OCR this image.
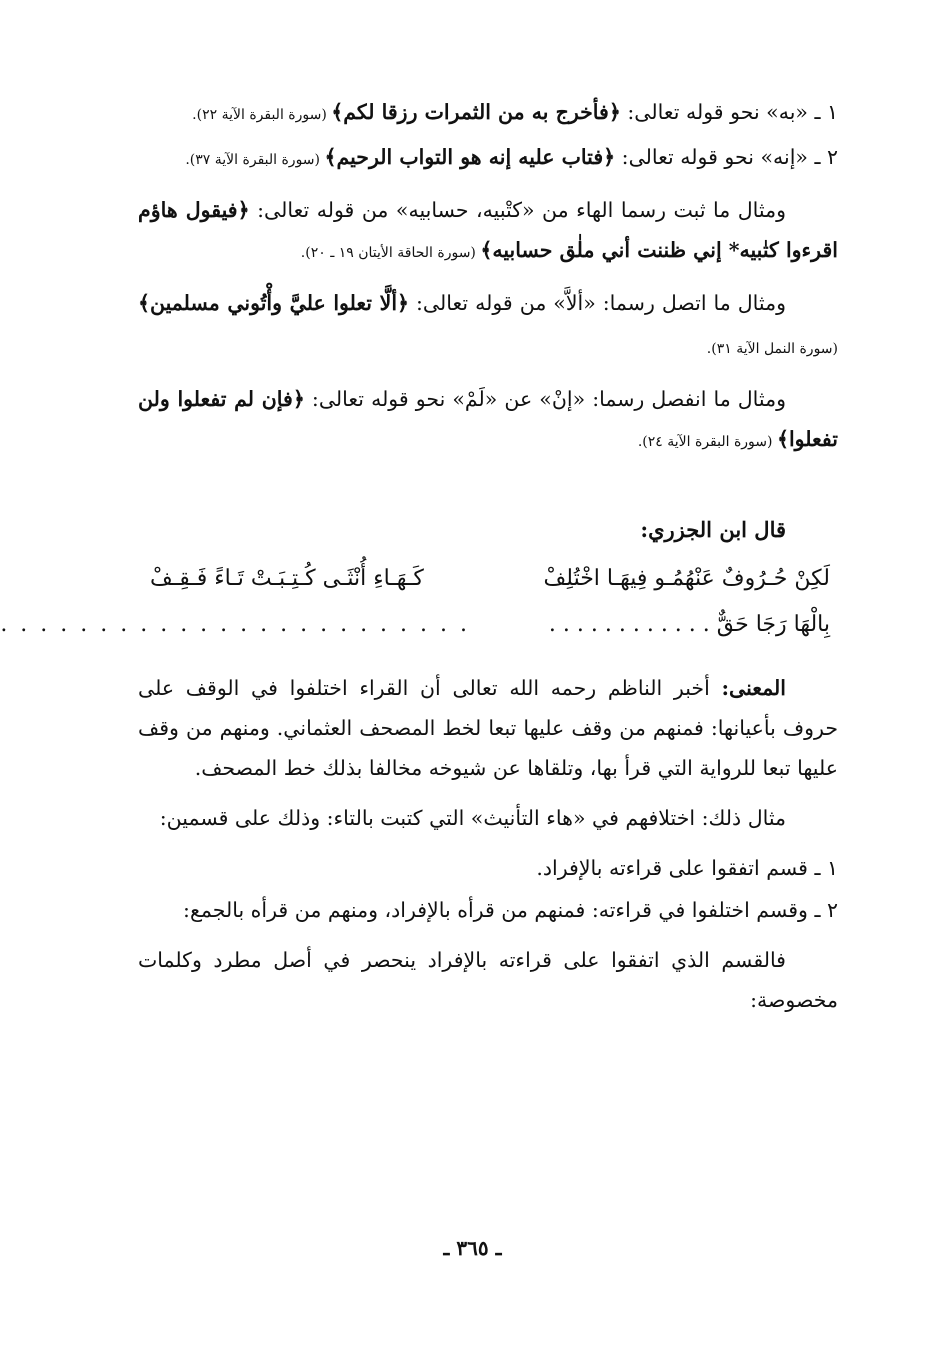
١ ـ «به» نحو قوله تعالى: ﴿فأخرج به من الثمرات رزقا لكم﴾ (سورة البقرة الآية ٢٢).

٢ ـ «إنه» نحو قوله تعالى: ﴿فتاب عليه إنه هو التواب الرحيم﴾ (سورة البقرة الآية ٣٧).

ومثال ما ثبت رسما الهاء من «كتْبيه، حسابيه» من قوله تعالى: ﴿فيقول هاؤم اقرءوا كتٰبيه* إني ظننت أني ملٰق حسابيه﴾ (سورة الحاقة الأيتان ١٩ ـ ٢٠).

ومثال ما اتصل رسما: «ألاَّ» من قوله تعالى: ﴿ألَّا تعلوا عليَّ وأْتُوني مسلمين﴾ (سورة النمل الآية ٣١).

ومثال ما انفصل رسما: «إنْ» عن «لَمْ» نحو قوله تعالى: ﴿فإن لم تفعلوا ولن تفعلوا﴾ (سورة البقرة الآية ٢٤).

قال ابن الجزري:
لَكِنْ حُـرُوفٌ عَنْهُمُـو فِيهَـا اخْتُلِفْ
كَـهَـاءِ أُنْثَـى كُـتِـبَـتْ تَـاءً فَـقِـفْ
بِالْهَا رَجَا حَقٌّ . . . . . . . . . . . .
. . . . . . . . . . . . . . . . . . . . . . . .

المعنى: أخبر الناظم رحمه الله تعالى أن القراء اختلفوا في الوقف على حروف بأعيانها: فمنهم من وقف عليها تبعا لخط المصحف العثماني. ومنهم من وقف عليها تبعا للرواية التي قرأ بها، وتلقاها عن شيوخه مخالفا بذلك خط المصحف.

مثال ذلك: اختلافهم في «هاء التأنيث» التي كتبت بالتاء: وذلك على قسمين:

١ ـ قسم اتفقوا على قراءته بالإفراد.

٢ ـ وقسم اختلفوا في قراءته: فمنهم من قرأه بالإفراد، ومنهم من قرأه بالجمع:

فالقسم الذي اتفقوا على قراءته بالإفراد ينحصر في أصل مطرد وكلمات مخصوصة:

ـ ٣٦٥ ـ
